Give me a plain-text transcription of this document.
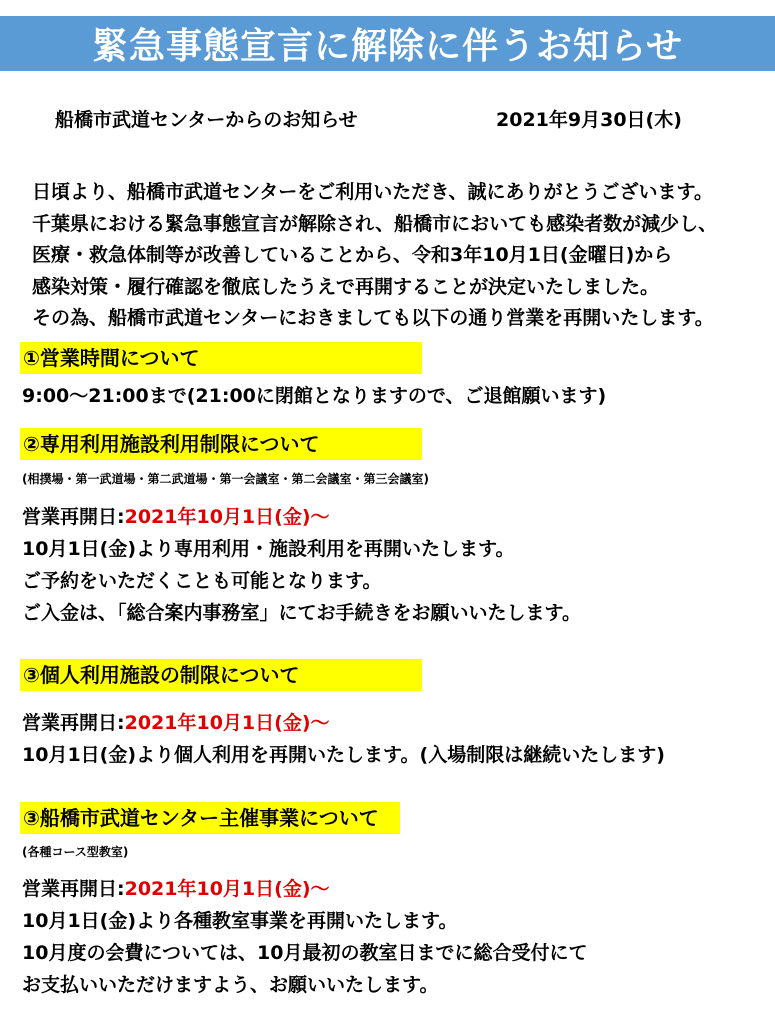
緊急事態宣言に解除に伴うお知らせ
船橋市武道センターからのお知らせ	2021年9月30日(木)
日頃より、船橋市武道センターをご利用いただき、誠にありがとうございます。
千葉県における緊急事態宣言が解除され、船橋市においても感染者数が減少し、
医療・救急体制等が改善していることから、令和3年10月1日(金曜日)から
感染対策・履行確認を徹底したうえで再開することが決定いたしました。
その為、船橋市武道センターにおきましても以下の通り営業を再開いたします。
①営業時間について
9:00〜21:00まで(21:00に閉館となりますので、ご退館願います)
②専用利用施設利用制限について
(相撲場・第一武道場・第二武道場・第一会議室・第二会議室・第三会議室)
営業再開日:2021年10月1日(金)〜
10月1日(金)より専用利用・施設利用を再開いたします。
ご予約をいただくことも可能となります。
ご入金は、「総合案内事務室」にてお手続きをお願いいたします。
③個人利用施設の制限について
営業再開日:2021年10月1日(金)〜
10月1日(金)より個人利用を再開いたします。(入場制限は継続いたします)
③船橋市武道センター主催事業について
(各種コース型教室)
営業再開日:2021年10月1日(金)〜
10月1日(金)より各種教室事業を再開いたします。
10月度の会費については、10月最初の教室日までに総合受付にて
お支払いいただけますよう、お願いいたします。
